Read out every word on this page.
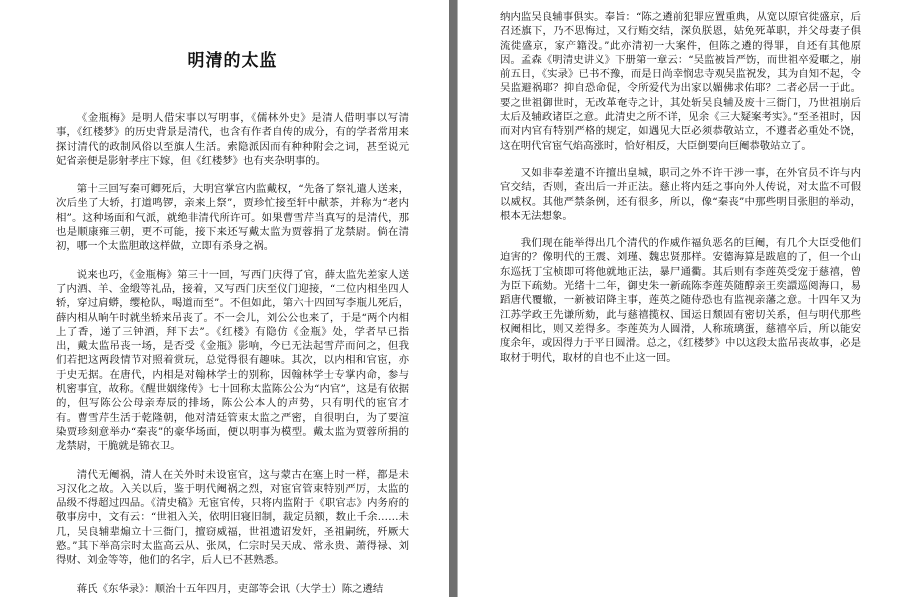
明清的太监

《金瓶梅》是明人借宋事以写明事，《儒林外史》是清人借明事以写清事，《红楼梦》的历史背景是清代，也含有作者自传的成分，有的学者常用来探讨清代的政制风俗以至旗人生活。索隐派因而有种种附会之词，甚至说元妃省亲便是影射孝庄下嫁，但《红楼梦》也有夹杂明事的。

第十三回写秦可卿死后，大明宫掌宫内监戴权，“先备了祭礼遣人送来，次后坐了大轿，打道鸣锣，亲来上祭”，贾珍忙接至轩中献茶，并称为“老内相”。这种场面和气派，就绝非清代所许可。如果曹雪芹当真写的是清代，那也是顺康雍三朝，更不可能，接下来还写戴太监为贾蓉捐了龙禁尉。倘在清初，哪一个太监胆敢这样做，立即有杀身之祸。

说来也巧，《金瓶梅》第三十一回，写西门庆得了官，薛太监先差家人送了内酒、羊、金缎等礼品，接着，又写西门庆至仪门迎接，“二位内相坐四人轿，穿过肩蟒，缨枪队，喝道而至”。不但如此，第六十四回写李瓶儿死后，薛内相从晌午时就坐轿来吊丧了。不一会儿，刘公公也来了，于是“两个内相上了香，递了三钟酒，拜下去”。《红楼》有隐仿《金瓶》处，学者早已指出，戴太监吊丧一场，是否受《金瓶》影响，今已无法起雪芹而问之，但我们若把这两段情节对照着赏玩，总觉得很有趣味。其次，以内相和官宦，亦于史无据。在唐代，内相是对翰林学士的别称，因翰林学士专掌内命，参与机密事宜，故称。《醒世姻缘传》七十回称太监陈公公为“内官”，这是有依据的，但写陈公公母亲寿辰的排场，陈公公本人的声势，只有明代的宦官才有。曹雪芹生活于乾隆朝，他对清廷管束太监之严密，自很明白，为了要渲染贾珍刻意举办“秦丧”的豪华场面，便以明事为模型。戴太监为贾蓉所捐的龙禁尉，干脆就是锦衣卫。

清代无阉祸，清人在关外时未设宦官，这与蒙古在塞上时一样，都是未习汉化之故。入关以后，鉴于明代阉祸之烈，对宦官管束特别严厉，太监的品级不得超过四品。《清史稿》无宦官传，只将内监附于《职官志》内务府的敬事房中，文有云：“世祖入关，依明旧寝旧制，裁定员额，数止千余……未几，吴良辅辈煽立十三衙门，擅窃威福，世祖遗诏发奸，圣祖嗣统，歼厥大憝。”其下举高宗时太监高云从、张凤，仁宗时吴天成、常永贵、萧得禄、刘得财、刘金等等，他们的名字，后人已不甚熟悉。

蒋氏《东华录》：顺治十五年四月，吏部等会讯（大学士）陈之遴结

纳内监吴良辅事俱实。奉旨：“陈之遴前犯罪应置重典，从宽以原官徙盛京，后召还旗下，乃不思悔过，又行贿交结，深负朕恩，姑免死革职，并父母妻子俱流徙盛京，家产籍没。”此亦清初一大案件，但陈之遴的得罪，自还有其他原因。孟森《明清史讲义》下册第一章云：“吴监被旨严饬，而世祖卒爱暱之，崩前五日，《实录》已书不豫，而是日尚幸悯忠寺观吴监祝发，其为自知不起，令吴监避祸耶？抑自恐命促，令所爱代为出家以媚佛求佑耶？二者必居一于此。要之世祖御世时，无改革奄寺之计，其处斩吴良辅及废十三衙门，乃世祖崩后太后及辅政诸臣之意。此清史之所不详，见余《三大疑案考实》。”至圣祖时，因而对内官有特别严格的规定，如遇见大臣必须恭敬站立，不遵者必重处不饶，这在明代官宦气焰高涨时，恰好相反，大臣倒要向巨阉恭敬站立了。

又如非奉差遣不许擅出皇城，职司之外不许干涉一事，在外官员不许与内官交结，否则，查出后一并正法。慈止将内廷之事向外人传说，对太监不可假以威权。其他严禁条例，还有很多，所以，像“秦丧”中那些明目张胆的举动，根本无法想象。

我们现在能举得出几个清代的作威作福负恶名的巨阉，有几个大臣受他们迫害的？像明代的王震、刘瑾、魏忠贤那样。安德海算是跋扈的了，但一个山东巡抚丁宝桢即可将他就地正法，暴尸通衢。其后则有李莲英受宠于慈禧，曾为臣下疏劾。光绪十二年，御史朱一新疏陈李莲英随醇亲王奕譞巡阅海口，易蹈唐代覆辙，一新被诏降主事，莲英之随侍恐也有监视亲藩之意。十四年又为江苏学政王先谦所劾，此与慈禧揽权、国运日颓固有密切关系，但与明代那些权阉相比，则又差得多。李莲英为人圆滑，人称琉璃蛋，慈禧卒后，所以能安度余年，或因得力于平日圆滑。总之，《红楼梦》中以这段太监吊丧故事，必是取材于明代，取材的自也不止这一回。
